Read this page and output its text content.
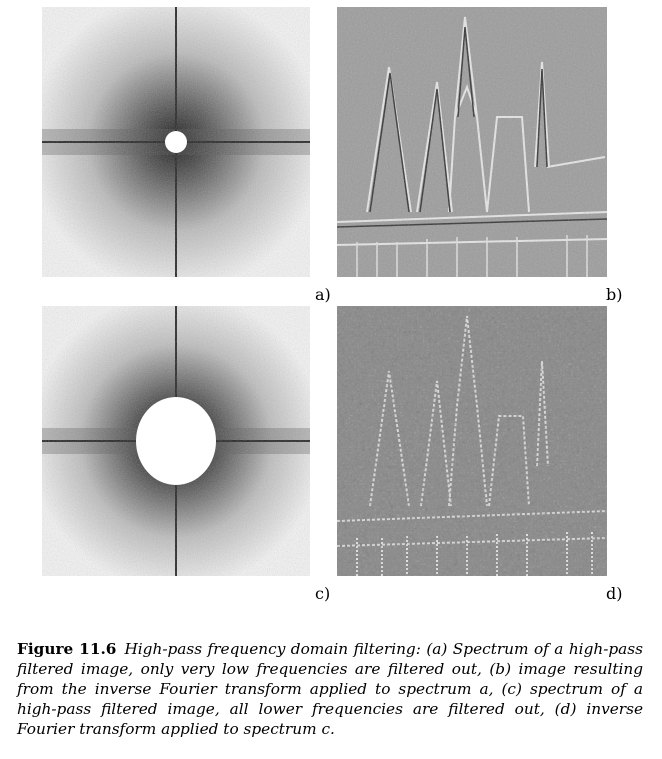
a)	b)
c)	d)
Figure 11.6 High-pass frequency domain filtering: (a) Spectrum of a high-pass filtered image, only very low frequencies are filtered out, (b) image resulting from the inverse Fourier transform applied to spectrum a, (c) spectrum of a high-pass filtered image, all lower frequencies are filtered out, (d) inverse Fourier transform applied to spectrum c.
